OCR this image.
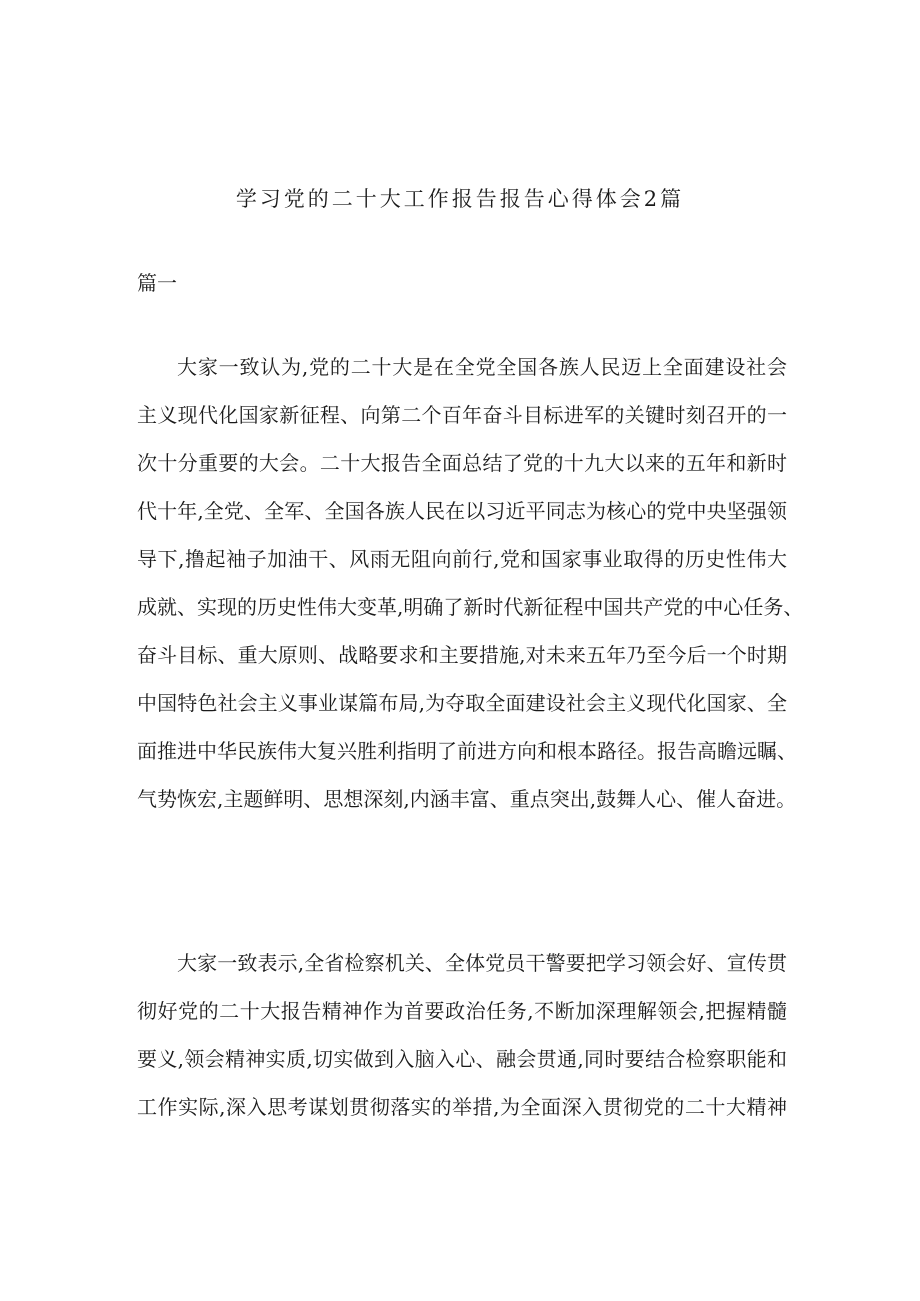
学习党的二十大工作报告报告心得体会2篇
篇一
大家一致认为,党的二十大是在全党全国各族人民迈上全面建设社会
主义现代化国家新征程、向第二个百年奋斗目标进军的关键时刻召开的一
次十分重要的大会。二十大报告全面总结了党的十九大以来的五年和新时
代十年,全党、全军、全国各族人民在以习近平同志为核心的党中央坚强领
导下,撸起袖子加油干、风雨无阻向前行,党和国家事业取得的历史性伟大
成就、实现的历史性伟大变革,明确了新时代新征程中国共产党的中心任务、
奋斗目标、重大原则、战略要求和主要措施,对未来五年乃至今后一个时期
中国特色社会主义事业谋篇布局,为夺取全面建设社会主义现代化国家、全
面推进中华民族伟大复兴胜利指明了前进方向和根本路径。报告高瞻远瞩、
气势恢宏,主题鲜明、思想深刻,内涵丰富、重点突出,鼓舞人心、催人奋进。
大家一致表示,全省检察机关、全体党员干警要把学习领会好、宣传贯
彻好党的二十大报告精神作为首要政治任务,不断加深理解领会,把握精髓
要义,领会精神实质,切实做到入脑入心、融会贯通,同时要结合检察职能和
工作实际,深入思考谋划贯彻落实的举措,为全面深入贯彻党的二十大精神
